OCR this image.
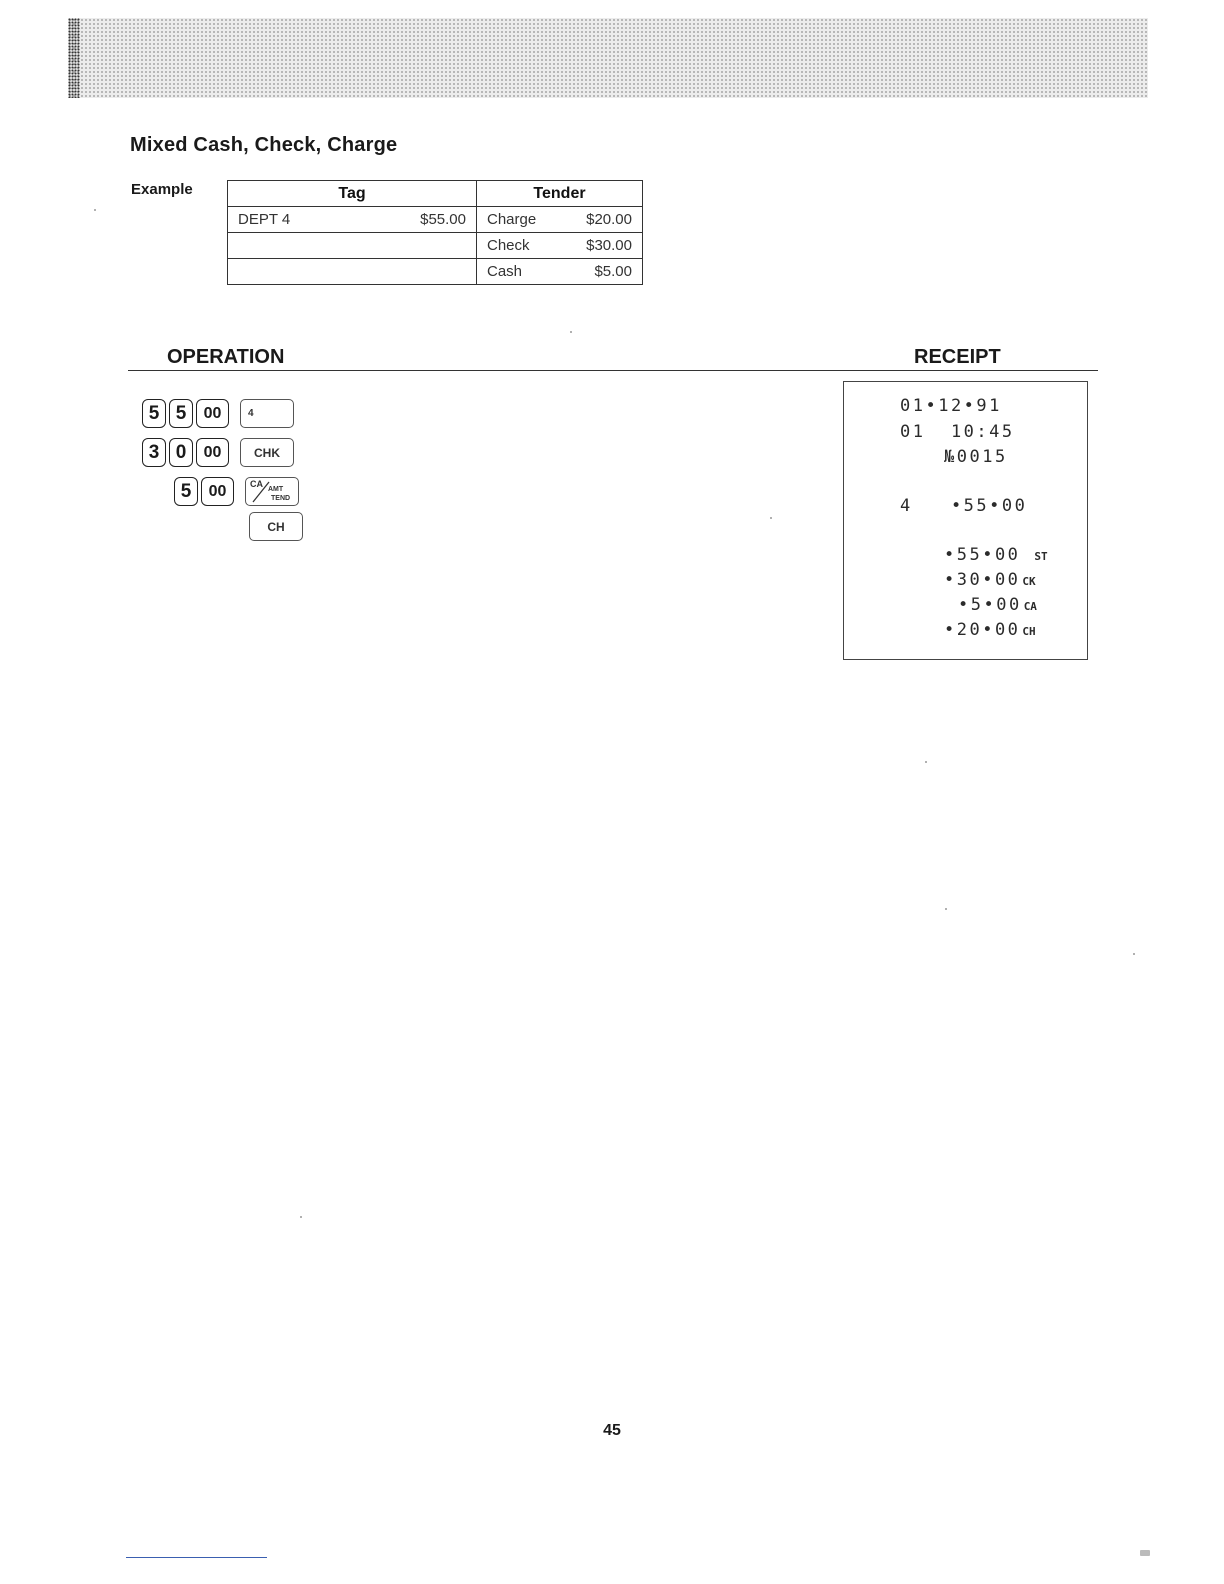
Mixed Cash, Check, Charge
Example	Tag	Tender

DEPT 4 $55.00	Charge $20.00

	Check $30.00

	Cash $5.00
OPERATION	RECEIPT
5 5	00	4
3 0	00	CHK
5	00	CA
AMT
TEND
CH
01•12•91
01  10:45
№0015
4   •55•00
•55•00 ST
•30•00 CK
•5•00 CA
•20•00 CH
45
